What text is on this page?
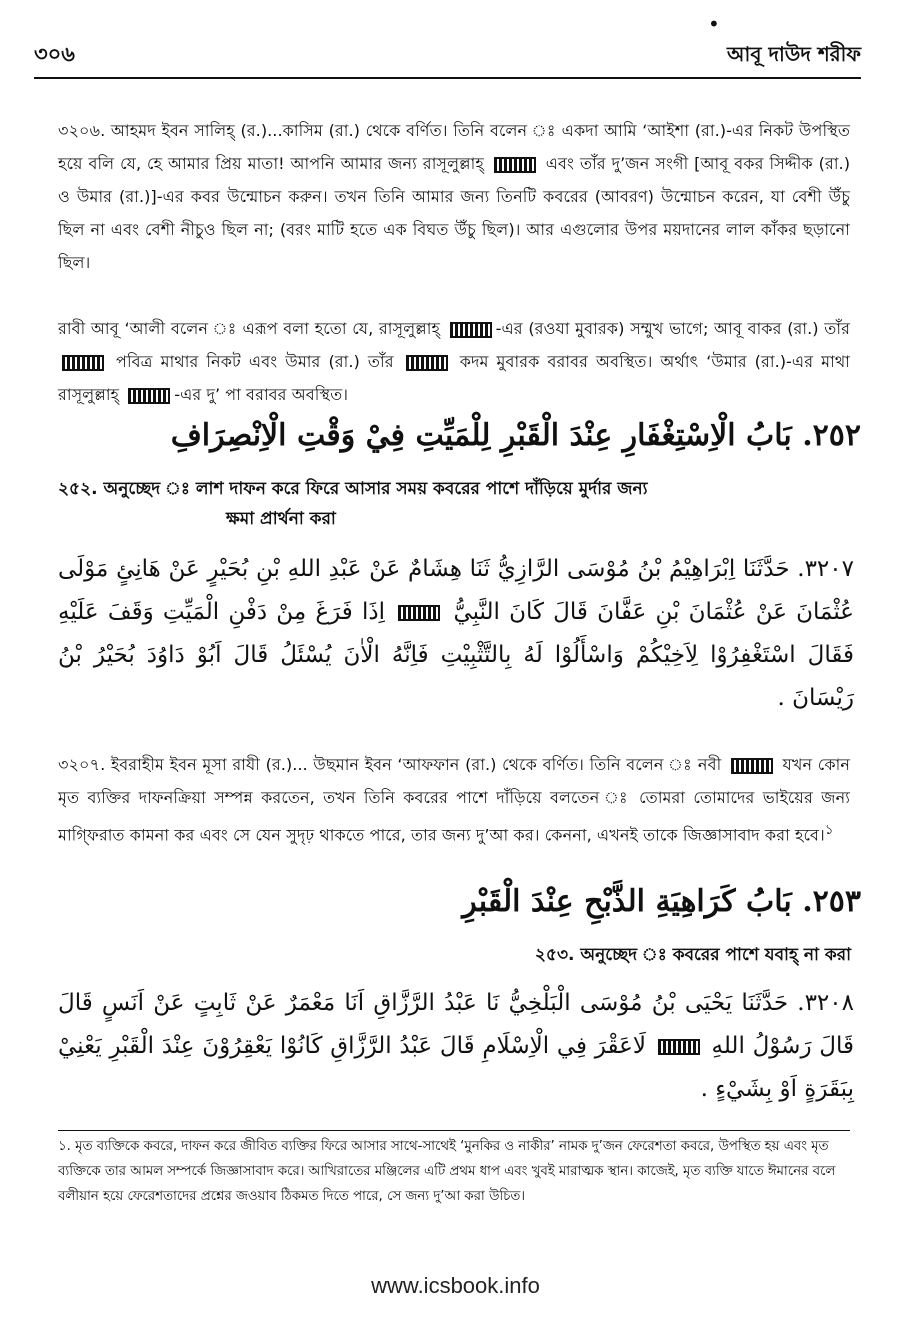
•
৩০৬	আবূ দাউদ শরীফ
৩২০৬. আহমদ ইবন সালিহ্ (র.)...কাসিম (রা.) থেকে বর্ণিত। তিনি বলেন ঃ একদা আমি ‘আইশা (রা.)-এর নিকট উপস্থিত হয়ে বলি যে, হে আমার প্রিয় মাতা! আপনি আমার জন্য রাসূলুল্লাহ্	এবং তাঁর দু’জন সংগী [আবূ বকর সিদ্দীক (রা.) ও উমার (রা.)]-এর কবর উন্মোচন করুন। তখন তিনি আমার জন্য তিনটি কবরের (আবরণ) উন্মোচন করেন, যা বেশী উঁচু ছিল না এবং বেশী নীচুও ছিল না; (বরং মাটি হতে এক বিঘত উঁচু ছিল)। আর এগুলোর উপর ময়দানের লাল কাঁকর ছড়ানো ছিল।
রাবী আবূ ‘আলী বলেন ঃ এরূপ বলা হতো যে, রাসূলুল্লাহ্	-এর (রওযা মুবারক) সম্মুখ ভাগে; আবূ বাকর (রা.) তাঁর  পবিত্র মাথার নিকট এবং উমার (রা.) তাঁর	কদম মুবারক বরাবর অবস্থিত। অর্থাৎ ‘উমার (রা.)-এর মাথা রাসূলুল্লাহ্	-এর দু’ পা বরাবর অবস্থিত।
٢٥٢. بَابُ الْاِسْتِغْفَارِ عِنْدَ الْقَبْرِ لِلْمَيِّتِ فِيْ وَقْتِ الْاِنْصِرَافِ
২৫২. অনুচ্ছেদ ঃ লাশ দাফন করে ফিরে আসার সময় কবরের পাশে দাঁড়িয়ে মুর্দার জন্য
ক্ষমা প্রার্থনা করা
٣٢٠٧. حَدَّثَنَا اِبْرَاهِيْمُ بْنُ مُوْسَى الرَّازِيُّ ثَنَا هِشَامٌ عَنْ عَبْدِ اللهِ بْنِ بُحَيْرٍ عَنْ هَانِئٍ مَوْلَى عُثْمَانَ عَنْ عُثْمَانَ بْنِ عَفَّانَ قَالَ كَانَ النَّبِيُّ  اِذَا فَرَغَ مِنْ دَفْنِ الْمَيِّتِ وَقَفَ عَلَيْهِ فَقَالَ اسْتَغْفِرُوْا لِاَخِيْكُمْ وَاسْأَلُوْا لَهُ بِالتَّثْبِيْتِ فَاِنَّهُ الْاٰنَ يُسْئَلُ قَالَ اَبُوْ دَاوُدَ بُحَيْرُ بْنُ رَيْسَانَ .
৩২০৭. ইবরাহীম ইবন মূসা রাযী (র.)... উছমান ইবন ‘আফফান (রা.) থেকে বর্ণিত। তিনি বলেন ঃ নবী	যখন কোন মৃত ব্যক্তির দাফনক্রিয়া সম্পন্ন করতেন, তখন তিনি কবরের পাশে দাঁড়িয়ে বলতেন ঃ তোমরা তোমাদের ভাইয়ের জন্য মাগ্ফিরাত কামনা কর এবং সে যেন সুদৃঢ় থাকতে পারে, তার জন্য দু’আ কর। কেননা, এখনই তাকে জিজ্ঞাসাবাদ করা হবে।$^১$
٢٥٣. بَابُ كَرَاهِيَةِ الذَّبْحِ عِنْدَ الْقَبْرِ
২৫৩. অনুচ্ছেদ ঃ কবরের পাশে যবাহ্ না করা
٣٢٠٨. حَدَّثَنَا يَحْيَى بْنُ مُوْسَى الْبَلْخِيُّ نَا عَبْدُ الرَّزَّاقِ اَنَا مَعْمَرٌ عَنْ ثَابِتٍ عَنْ اَنَسٍ قَالَ قَالَ رَسُوْلُ اللهِ  لَاعَقْرَ فِي الْاِسْلَامِ قَالَ عَبْدُ الرَّزَّاقِ كَانُوْا يَعْقِرُوْنَ عِنْدَ الْقَبْرِ يَعْنِيْ بِبَقَرَةٍ اَوْ بِشَيْءٍ .
১. মৃত ব্যক্তিকে কবরে, দাফন করে জীবিত ব্যক্তির ফিরে আসার সাথে-সাথেই ‘মুনকির ও নাকীর’ নামক দু’জন ফেরেশতা কবরে, উপস্থিত হয় এবং মৃত ব্যক্তিকে তার আমল সম্পর্কে জিজ্ঞাসাবাদ করে। আখিরাতের মঞ্জিলের এটি প্রথম ধাপ এবং খুবই মারাত্মক স্থান। কাজেই, মৃত ব্যক্তি যাতে ঈমানের বলে বলীয়ান হয়ে ফেরেশতাদের প্রশ্নের জওয়াব ঠিকমত দিতে পারে, সে জন্য দু’আ করা উচিত।
www.icsbook.info
